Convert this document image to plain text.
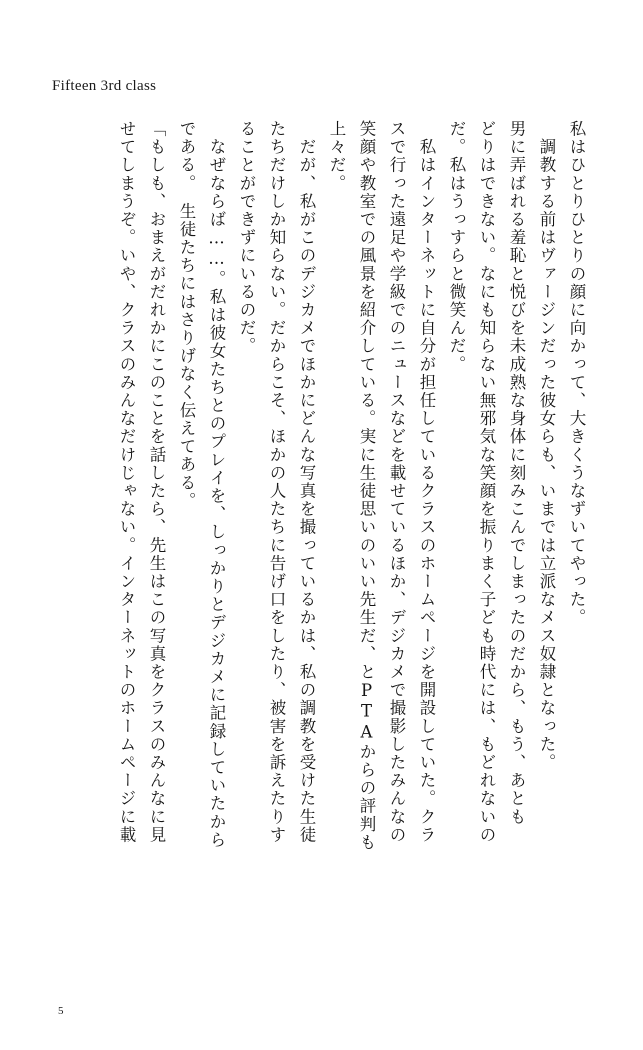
Fifteen 3rd class
私はひとりひとりの顔に向かって、大きくうなずいてやった。
　調教する前はヴァージンだった彼女らも、いまでは立派なメス奴隷となった。
男に弄ばれる羞恥と悦びを未成熟な身体に刻みこんでしまったのだから、もう、あとも
どりはできない。なにも知らない無邪気な笑顔を振りまく子ども時代には、もどれないの
だ。私はうっすらと微笑んだ。
　私はインターネットに自分が担任しているクラスのホームページを開設していた。クラ
スで行った遠足や学級でのニュースなどを載せているほか、デジカメで撮影したみんなの
笑顔や教室での風景を紹介している。実に生徒思いのいい先生だ、とPTAからの評判も
上々だ。
　だが、私がこのデジカメでほかにどんな写真を撮っているかは、私の調教を受けた生徒
たちだけしか知らない。だからこそ、ほかの人たちに告げ口をしたり、被害を訴えたりす
ることができずにいるのだ。
　なぜならば……。私は彼女たちとのプレイを、しっかりとデジカメに記録していたから
である。　生徒たちにはさりげなく伝えてある。
「もしも、おまえがだれかにこのことを話したら、先生はこの写真をクラスのみんなに見
せてしまうぞ。いや、クラスのみんなだけじゃない。インターネットのホームページに載
5
